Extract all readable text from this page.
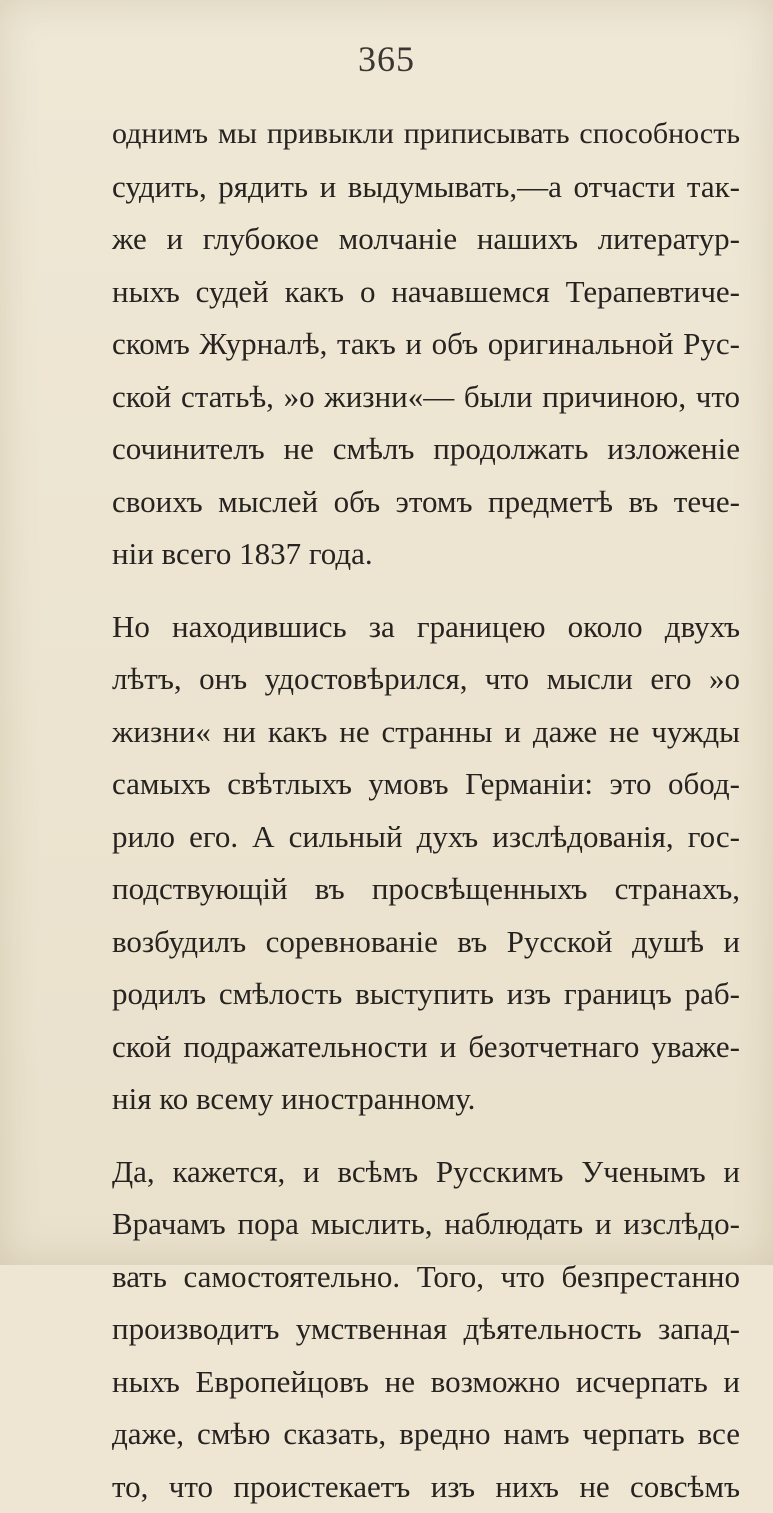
365
однимъ мы привыкли приписывать способность
судить, рядить и выдумывать,—а отчасти так-
же и глубокое молчаніе нашихъ литератур-
ныхъ судей какъ о начавшемся Терапевтиче-
скомъ Журналѣ, такъ и объ оригинальной Рус-
ской статьѣ, »о жизни«— были причиною, что
сочинителъ не смѣлъ продолжать изложеніе
своихъ мыслей объ этомъ предметѣ въ тече-
ніи всего 1837 года.
Но находившись за границею около двухъ
лѣтъ, онъ удостовѣрился, что мысли его »о
жизни« ни какъ не странны и даже не чужды
самыхъ свѣтлыхъ умовъ Германіи: это обод-
рило его. А сильный духъ изслѣдованія, гос-
подствующій въ просвѣщенныхъ странахъ,
возбудилъ соревнованіе въ Русской душѣ и
родилъ смѣлость выступить изъ границъ раб-
ской подражательности и безотчетнаго уваже-
нія ко всему иностранному.
Да, кажется, и всѣмъ Русскимъ Ученымъ и
Врачамъ пора мыслить, наблюдать и изслѣдо-
вать самостоятельно. Того, что безпрестанно
производитъ умственная дѣятельность запад-
ныхъ Европейцовъ не возможно исчерпать и
даже, смѣю сказать, вредно намъ черпать все
то, что проистекаетъ изъ нихъ не совсѣмъ
